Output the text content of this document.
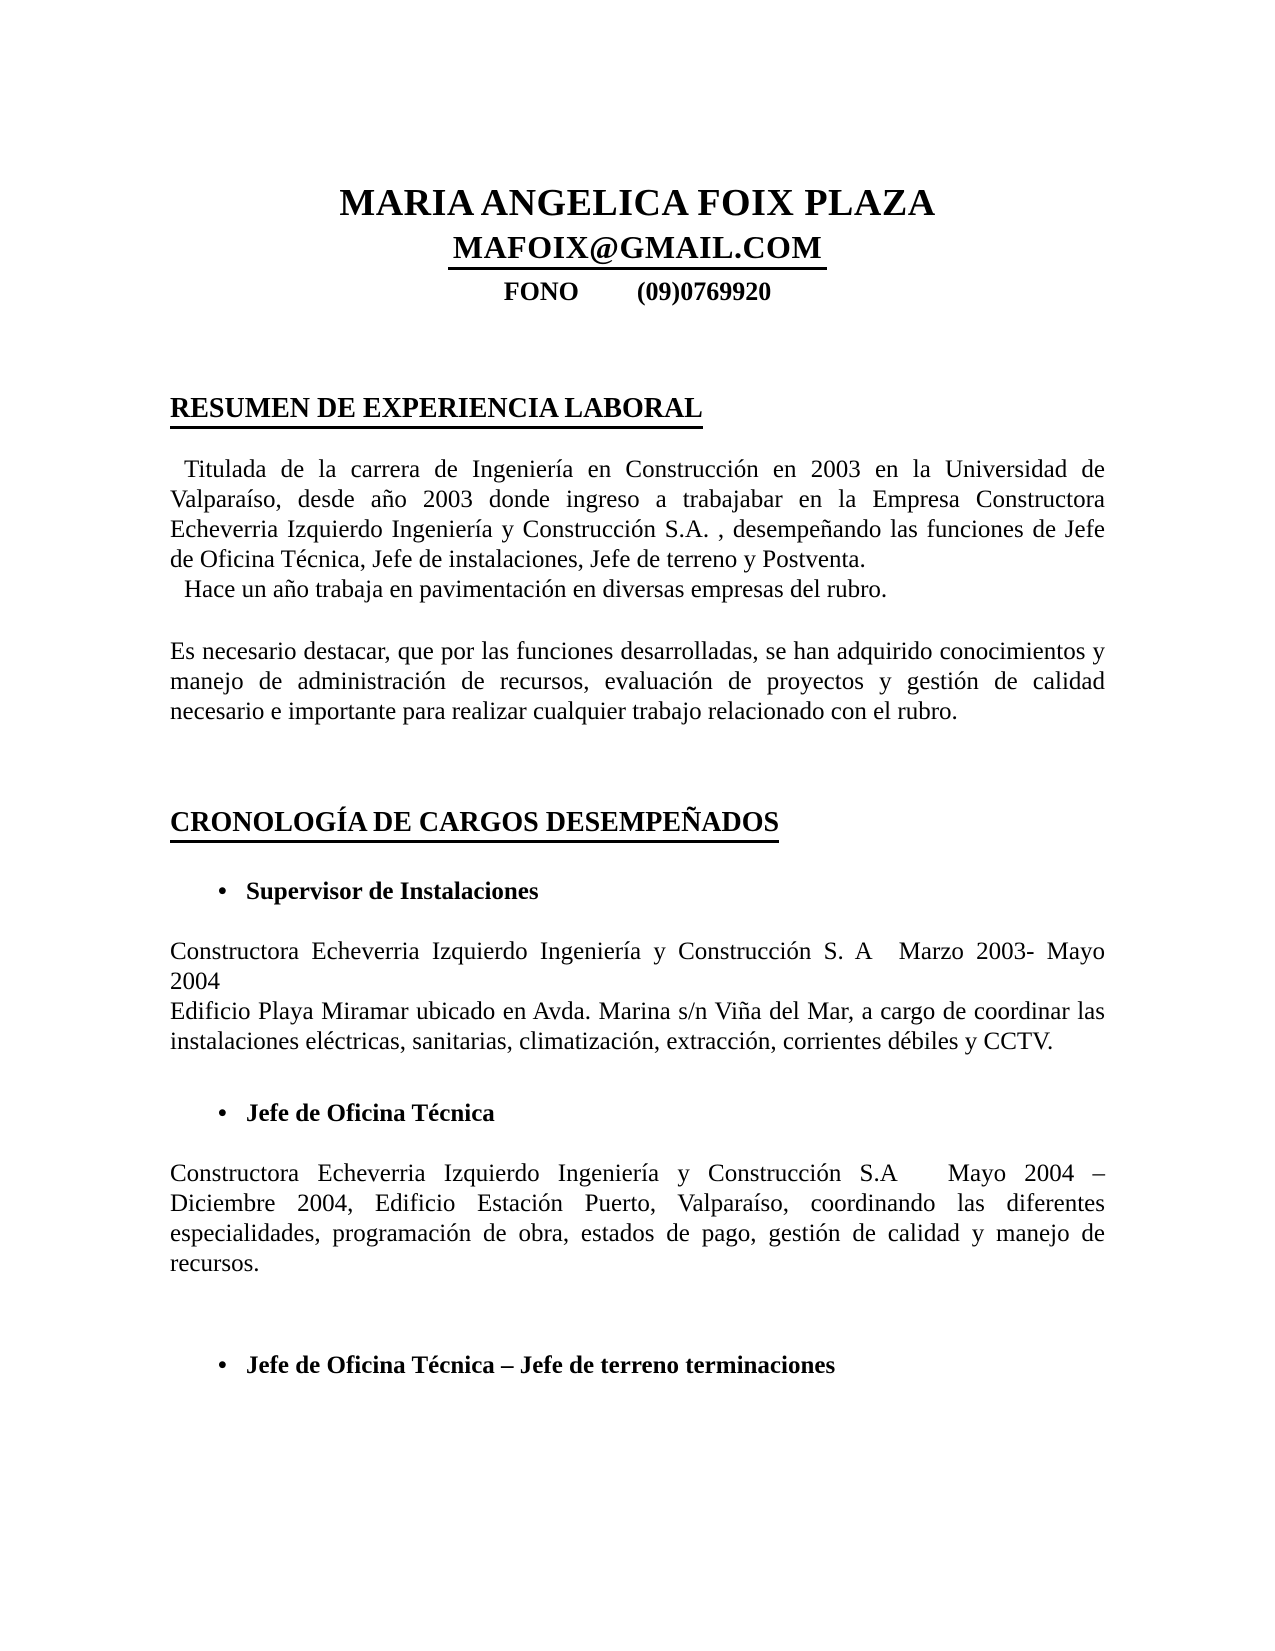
MARIA ANGELICA FOIX PLAZA
MAFOIX@GMAIL.COM
FONO (09)0769920
RESUMEN DE EXPERIENCIA LABORAL

Titulada de la carrera de Ingeniería en Construcción en 2003 en la Universidad de Valparaíso, desde año 2003 donde ingreso a trabajabar en la Empresa Constructora Echeverria Izquierdo Ingeniería y Construcción S.A. , desempeñando las funciones de Jefe de Oficina Técnica, Jefe de instalaciones, Jefe de terreno y Postventa.

Hace un año trabaja en pavimentación en diversas empresas del rubro.

Es necesario destacar, que por las funciones desarrolladas, se han adquirido conocimientos y manejo de administración de recursos, evaluación de proyectos y gestión de calidad necesario e importante para realizar cualquier trabajo relacionado con el rubro.

CRONOLOGÍA DE CARGOS DESEMPEÑADOS
• Supervisor de Instalaciones

Constructora Echeverria Izquierdo Ingeniería y Construcción S. A Marzo 2003- Mayo 2004

Edificio Playa Miramar ubicado en Avda. Marina s/n Viña del Mar, a cargo de coordinar las instalaciones eléctricas, sanitarias, climatización, extracción, corrientes débiles y CCTV.

• Jefe de Oficina Técnica

Constructora Echeverria Izquierdo Ingeniería y Construcción S.A Mayo 2004 – Diciembre 2004, Edificio Estación Puerto, Valparaíso, coordinando las diferentes especialidades, programación de obra, estados de pago, gestión de calidad y manejo de recursos.

• Jefe de Oficina Técnica – Jefe de terreno terminaciones
